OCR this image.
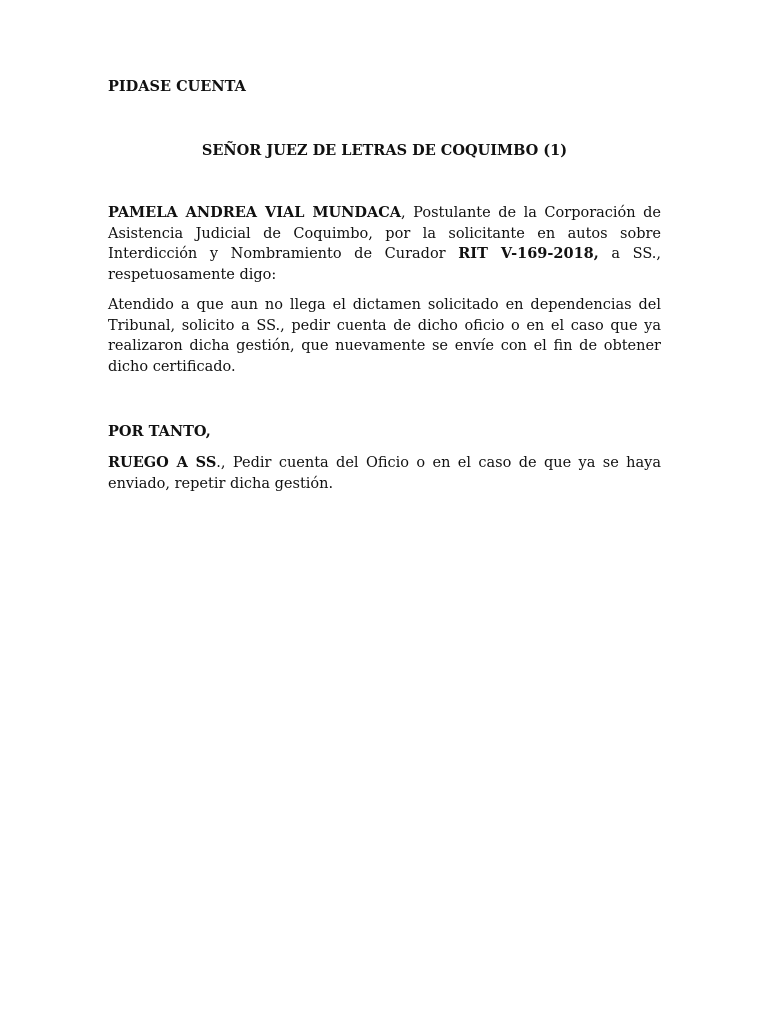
PIDASE CUENTA
SEÑOR JUEZ DE LETRAS DE COQUIMBO (1)

PAMELA ANDREA VIAL MUNDACA, Postulante de la Corporación de Asistencia Judicial de Coquimbo, por la solicitante en autos sobre Interdicción y Nombramiento de Curador RIT V-169-2018, a SS., respetuosamente digo:

Atendido a que aun no llega el dictamen solicitado en dependencias del Tribunal, solicito a SS., pedir cuenta de dicho oficio o en el caso que ya realizaron dicha gestión, que nuevamente se envíe con el fin de obtener dicho certificado.

POR TANTO,

RUEGO A SS., Pedir cuenta del Oficio o en el caso de que ya se haya enviado, repetir dicha gestión.
